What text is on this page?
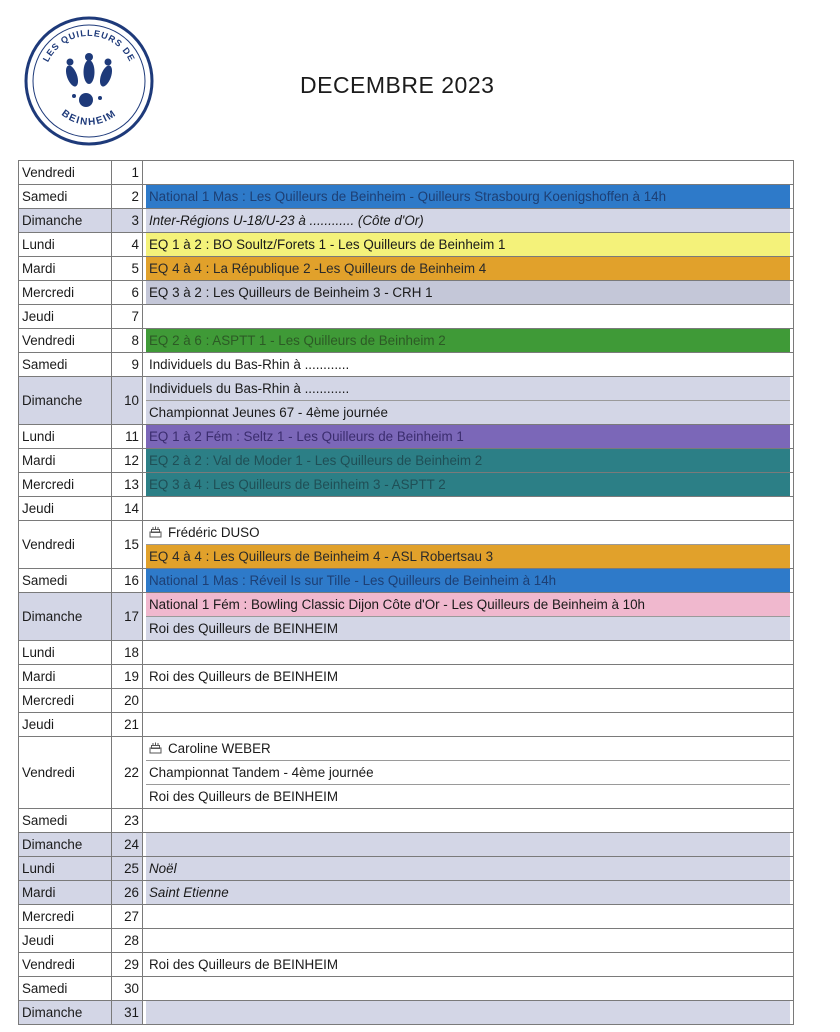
LES QUILLEURS DE
BEINHEIM
DECEMBRE 2023
Vendredi	1	

Samedi	2	National 1 Mas : Les Quilleurs de Beinheim - Quilleurs Strasbourg Koenigshoffen à 14h

Dimanche	3	Inter-Régions U-18/U-23 à ............ (Côte d'Or)

Lundi	4	EQ 1 à 2 : BO Soultz/Forets 1 - Les Quilleurs de Beinheim 1

Mardi	5	EQ 4 à 4 : La République 2 -Les Quilleurs de Beinheim 4

Mercredi	6	EQ 3 à 2 : Les Quilleurs de Beinheim 3 - CRH 1

Jeudi	7	

Vendredi	8	EQ 2 à 6 : ASPTT 1 - Les Quilleurs de Beinheim 2

Samedi	9	Individuels du Bas-Rhin à ............

Dimanche	10	Individuels du Bas-Rhin à ............
Championnat Jeunes 67 - 4ème journée

Lundi	11	EQ 1 à 2 Fém : Seltz 1 - Les Quilleurs de Beinheim 1

Mardi	12	EQ 2 à 2 : Val de Moder 1 - Les Quilleurs de Beinheim 2

Mercredi	13	EQ 3 à 4 : Les Quilleurs de Beinheim 3 - ASPTT 2

Jeudi	14	

Vendredi	15	Frédéric DUSO
EQ 4 à 4 : Les Quilleurs de Beinheim 4 - ASL Robertsau 3

Samedi	16	National 1 Mas : Réveil Is sur Tille - Les Quilleurs de Beinheim à 14h

Dimanche	17	National 1 Fém : Bowling Classic Dijon Côte d'Or - Les Quilleurs de Beinheim à 10h
Roi des Quilleurs de BEINHEIM

Lundi	18	

Mardi	19	Roi des Quilleurs de BEINHEIM

Mercredi	20	

Jeudi	21	

Vendredi	22	Caroline WEBER
Championnat Tandem - 4ème journée
Roi des Quilleurs de BEINHEIM

Samedi	23	

Dimanche	24	

Lundi	25	Noël

Mardi	26	Saint Etienne

Mercredi	27	

Jeudi	28	

Vendredi	29	Roi des Quilleurs de BEINHEIM

Samedi	30	

Dimanche	31	
